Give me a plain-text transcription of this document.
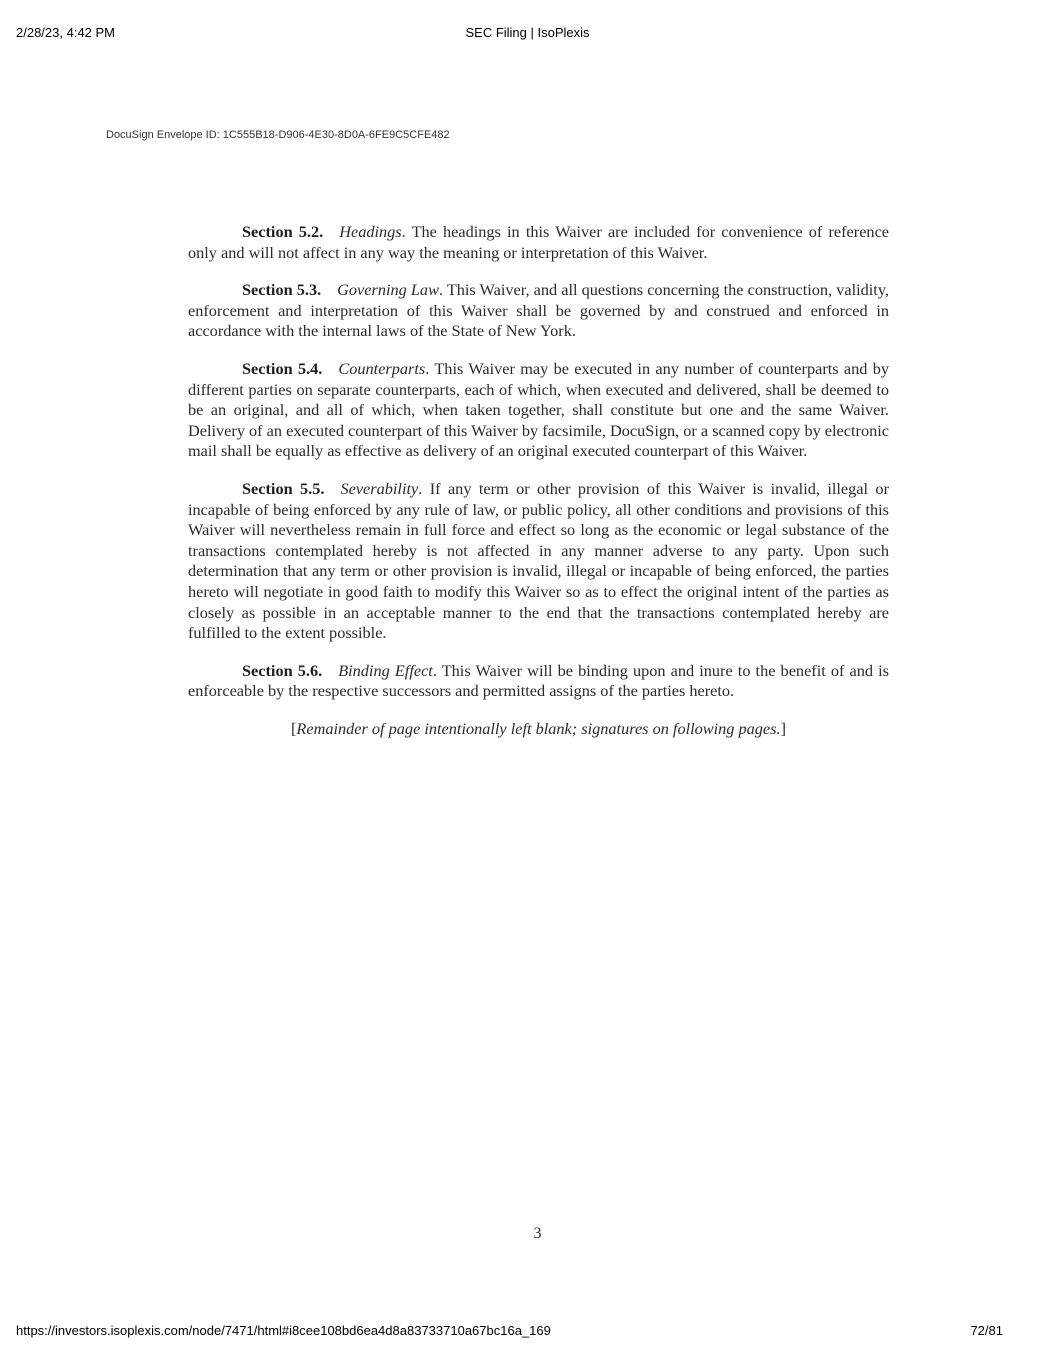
2/28/23, 4:42 PM	SEC Filing | IsoPlexis
DocuSign Envelope ID: 1C555B18-D906-4E30-8D0A-6FE9C5CFE482

Section 5.2. Headings. The headings in this Waiver are included for convenience of reference only and will not affect in any way the meaning or interpretation of this Waiver.

Section 5.3. Governing Law. This Waiver, and all questions concerning the construction, validity, enforcement and interpretation of this Waiver shall be governed by and construed and enforced in accordance with the internal laws of the State of New York.

Section 5.4. Counterparts. This Waiver may be executed in any number of counterparts and by different parties on separate counterparts, each of which, when executed and delivered, shall be deemed to be an original, and all of which, when taken together, shall constitute but one and the same Waiver. Delivery of an executed counterpart of this Waiver by facsimile, DocuSign, or a scanned copy by electronic mail shall be equally as effective as delivery of an original executed counterpart of this Waiver.

Section 5.5. Severability. If any term or other provision of this Waiver is invalid, illegal or incapable of being enforced by any rule of law, or public policy, all other conditions and provisions of this Waiver will nevertheless remain in full force and effect so long as the economic or legal substance of the transactions contemplated hereby is not affected in any manner adverse to any party. Upon such determination that any term or other provision is invalid, illegal or incapable of being enforced, the parties hereto will negotiate in good faith to modify this Waiver so as to effect the original intent of the parties as closely as possible in an acceptable manner to the end that the transactions contemplated hereby are fulfilled to the extent possible.

Section 5.6. Binding Effect. This Waiver will be binding upon and inure to the benefit of and is enforceable by the respective successors and permitted assigns of the parties hereto.

[Remainder of page intentionally left blank; signatures on following pages.]

3
https://investors.isoplexis.com/node/7471/html#i8cee108bd6ea4d8a83733710a67bc16a_169	72/81
